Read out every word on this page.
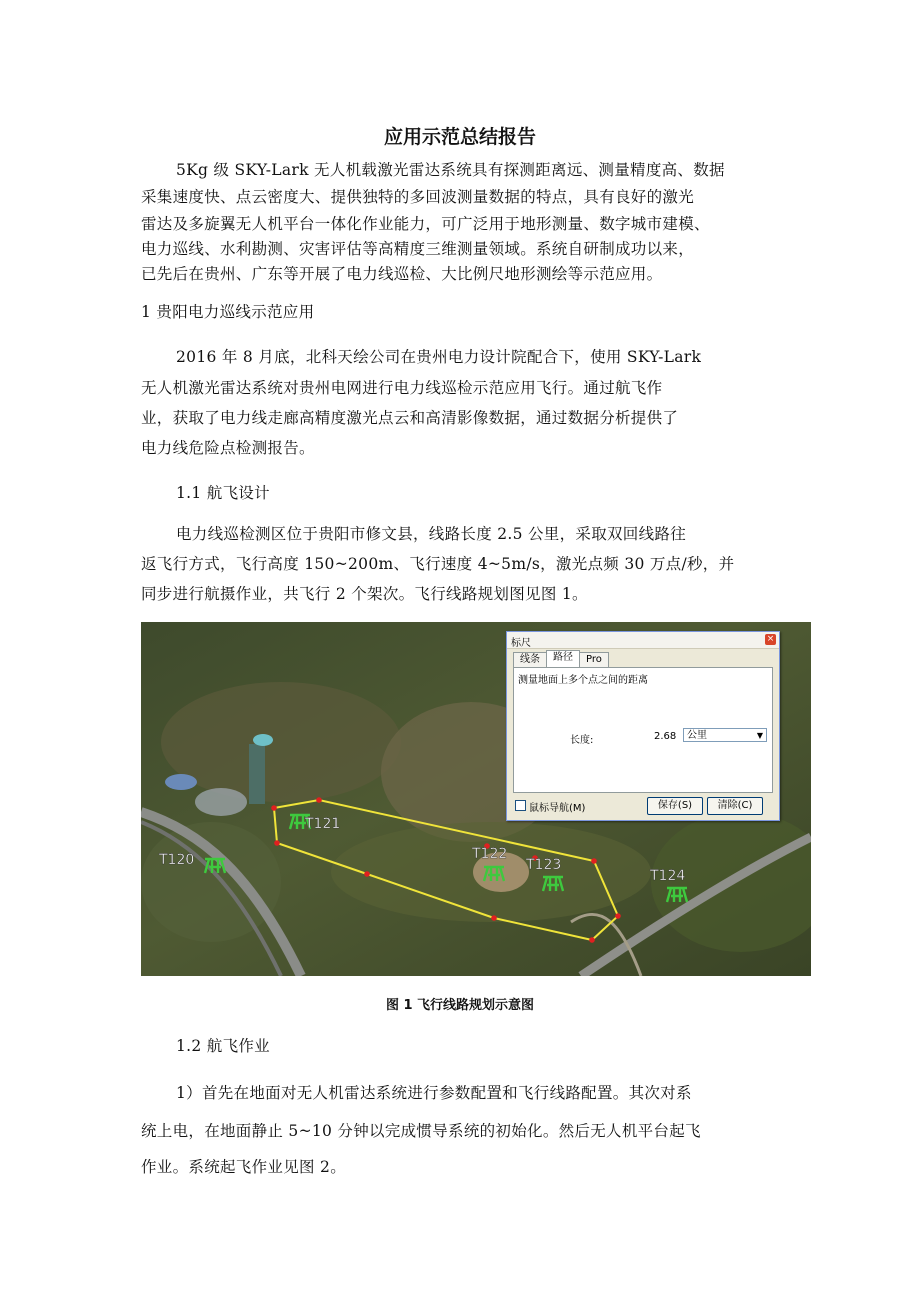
应用示范总结报告
5Kg 级 SKY-Lark 无人机载激光雷达系统具有探测距离远、测量精度高、数据
采集速度快、点云密度大、提供独特的多回波测量数据的特点，具有良好的激光
雷达及多旋翼无人机平台一体化作业能力，可广泛用于地形测量、数字城市建模、
电力巡线、水利勘测、灾害评估等高精度三维测量领域。系统自研制成功以来，
已先后在贵州、广东等开展了电力线巡检、大比例尺地形测绘等示范应用。
1 贵阳电力巡线示范应用
2016 年 8 月底，北科天绘公司在贵州电力设计院配合下，使用 SKY-Lark
无人机激光雷达系统对贵州电网进行电力线巡检示范应用飞行。通过航飞作
业，获取了电力线走廊高精度激光点云和高清影像数据，通过数据分析提供了
电力线危险点检测报告。
1.1 航飞设计
电力线巡检测区位于贵阳市修文县，线路长度 2.5 公里，采取双回线路往
返飞行方式，飞行高度 150~200m、飞行速度 4~5m/s，激光点频 30 万点/秒，并
同步进行航摄作业，共飞行 2 个架次。飞行线路规划图见图 1。
T120
T121
T122
T123
T124
标尺	×
线条 路径 Pro
测量地面上多个点之间的距离
长度:	2.68	公里	▼
鼠标导航(M)	保存(S)	清除(C)
图 1 飞行线路规划示意图
1.2 航飞作业
1）首先在地面对无人机雷达系统进行参数配置和飞行线路配置。其次对系
统上电，在地面静止 5~10 分钟以完成惯导系统的初始化。然后无人机平台起飞
作业。系统起飞作业见图 2。
